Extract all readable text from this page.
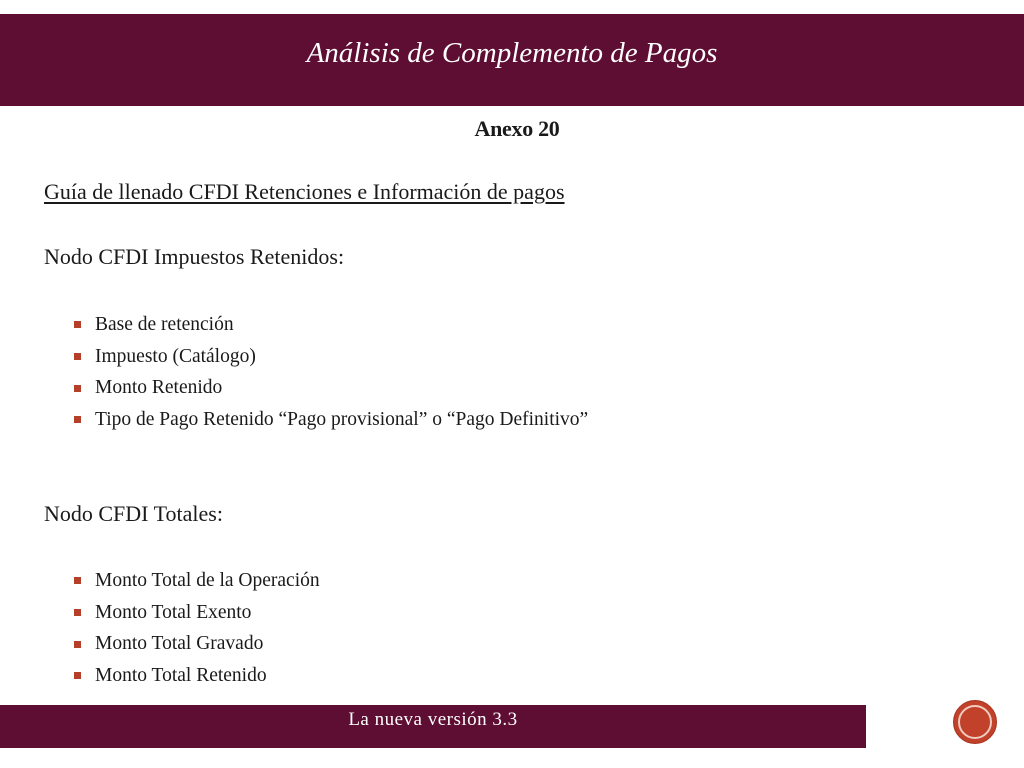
Análisis de Complemento de Pagos
Anexo 20
Guía de llenado CFDI Retenciones e Información de pagos
Nodo CFDI Impuestos Retenidos:
Base de retención
Impuesto (Catálogo)
Monto Retenido
Tipo de Pago Retenido “Pago provisional” o “Pago Definitivo”
Nodo CFDI Totales:
Monto Total de la Operación
Monto Total Exento
Monto Total Gravado
Monto Total Retenido
La nueva versión 3.3
